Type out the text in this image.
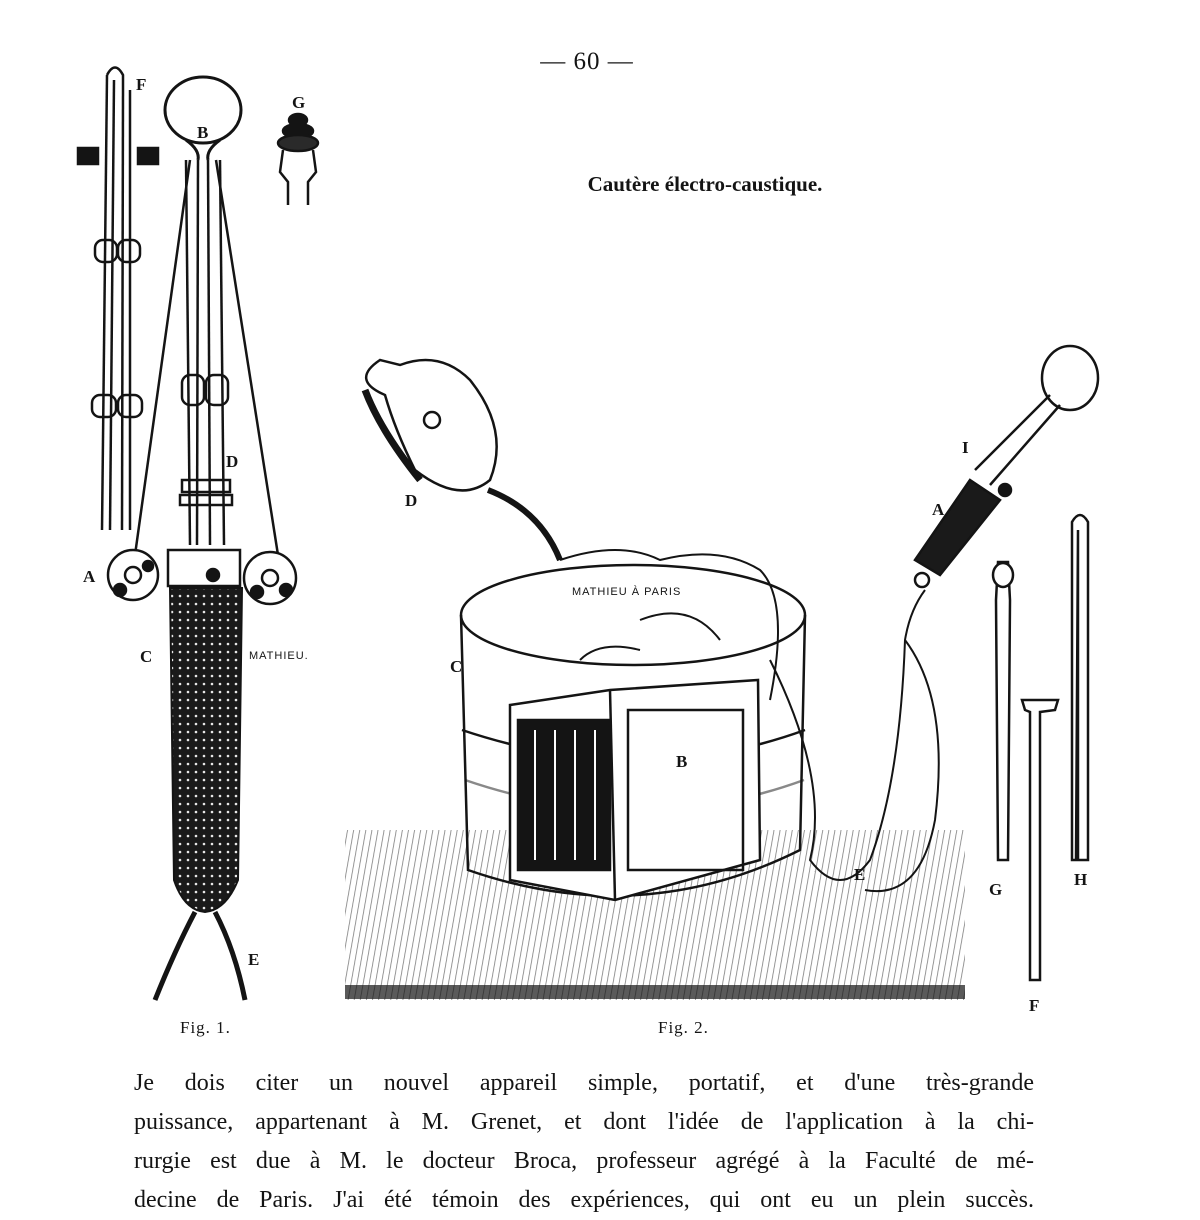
— 60 —
Cautère électro-caustique.
F
B
G
D
A
C
E
MATHIEU.
D
C
B
I
A
E
G
H
F
MATHIEU À PARIS
Fig. 1.	Fig. 2.
Je dois citer un nouvel appareil simple, portatif, et d'une très-grande
puissance, appartenant à M. Grenet, et dont l'idée de l'application à la chi-
rurgie est due à M. le docteur Broca, professeur agrégé à la Faculté de mé-
decine de Paris. J'ai été témoin des expériences, qui ont eu un plein succès.
